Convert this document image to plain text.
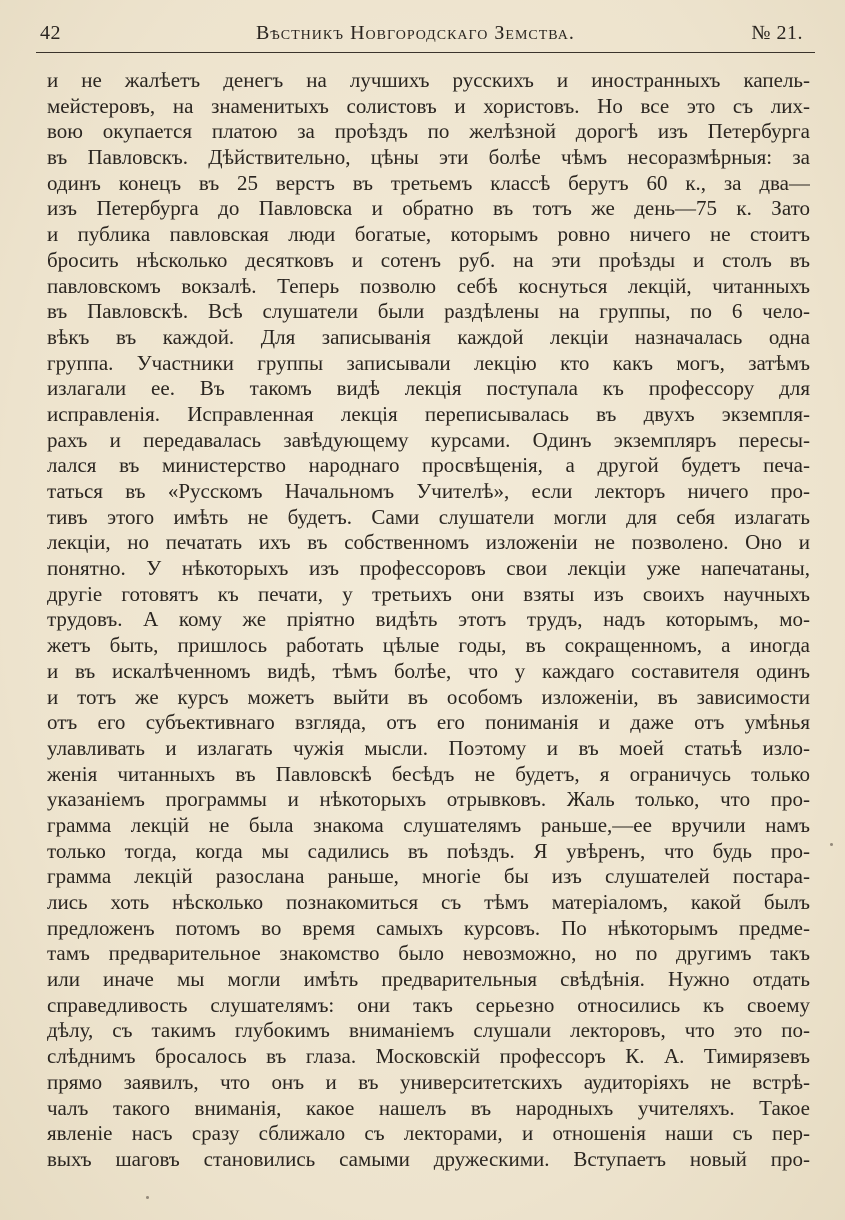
42	Вѣстникъ Новгородскаго Земства.	№ 21.
и не жалѣетъ денегъ на лучшихъ русскихъ и иностранныхъ капель-
мейстеровъ, на знаменитыхъ солистовъ и хористовъ. Но все это съ лих-
вою окупается платою за проѣздъ по желѣзной дорогѣ изъ Петербурга
въ Павловскъ. Дѣйствительно, цѣны эти болѣе чѣмъ несоразмѣрныя: за
одинъ конецъ въ 25 верстъ въ третьемъ классѣ берутъ 60 к., за два—
изъ Петербурга до Павловска и обратно въ тотъ же день—75 к. Зато
и публика павловская люди богатые, которымъ ровно ничего не стоитъ
бросить нѣсколько десятковъ и сотенъ руб. на эти проѣзды и столъ въ
павловскомъ вокзалѣ. Теперь позволю себѣ коснуться лекцій, читанныхъ
въ Павловскѣ. Всѣ слушатели были раздѣлены на группы, по 6 чело-
вѣкъ въ каждой. Для записыванія каждой лекціи назначалась одна
группа. Участники группы записывали лекцію кто какъ могъ, затѣмъ
излагали ее. Въ такомъ видѣ лекція поступала къ профессору для
исправленія. Исправленная лекція переписывалась въ двухъ экземпля-
рахъ и передавалась завѣдующему курсами. Одинъ экземпляръ пересы-
лался въ министерство народнаго просвѣщенія, а другой будетъ печа-
таться въ «Русскомъ Начальномъ Учителѣ», если лекторъ ничего про-
тивъ этого имѣть не будетъ. Сами слушатели могли для себя излагать
лекціи, но печатать ихъ въ собственномъ изложеніи не позволено. Оно и
понятно. У нѣкоторыхъ изъ профессоровъ свои лекціи уже напечатаны,
другіе готовятъ къ печати, у третьихъ они взяты изъ своихъ научныхъ
трудовъ. А кому же пріятно видѣть этотъ трудъ, надъ которымъ, мо-
жетъ быть, пришлось работать цѣлые годы, въ сокращенномъ, а иногда
и въ искалѣченномъ видѣ, тѣмъ болѣе, что у каждаго составителя одинъ
и тотъ же курсъ можетъ выйти въ особомъ изложеніи, въ зависимости
отъ его субъективнаго взгляда, отъ его пониманія и даже отъ умѣнья
улавливать и излагать чужія мысли. Поэтому и въ моей статьѣ изло-
женія читанныхъ въ Павловскѣ бесѣдъ не будетъ, я ограничусь только
указаніемъ программы и нѣкоторыхъ отрывковъ. Жаль только, что про-
грамма лекцій не была знакома слушателямъ раньше,—ее вручили намъ
только тогда, когда мы садились въ поѣздъ. Я увѣренъ, что будь про-
грамма лекцій разослана раньше, многіе бы изъ слушателей постара-
лись хоть нѣсколько познакомиться съ тѣмъ матеріаломъ, какой былъ
предложенъ потомъ во время самыхъ курсовъ. По нѣкоторымъ предме-
тамъ предварительное знакомство было невозможно, но по другимъ такъ
или иначе мы могли имѣть предварительныя свѣдѣнія. Нужно отдать
справедливость слушателямъ: они такъ серьезно относились къ своему
дѣлу, съ такимъ глубокимъ вниманіемъ слушали лекторовъ, что это по-
слѣднимъ бросалось въ глаза. Московскій профессоръ К. А. Тимирязевъ
прямо заявилъ, что онъ и въ университетскихъ аудиторіяхъ не встрѣ-
чалъ такого вниманія, какое нашелъ въ народныхъ учителяхъ. Такое
явленіе насъ сразу сближало съ лекторами, и отношенія наши съ пер-
выхъ шаговъ становились самыми дружескими. Вступаетъ новый про-
